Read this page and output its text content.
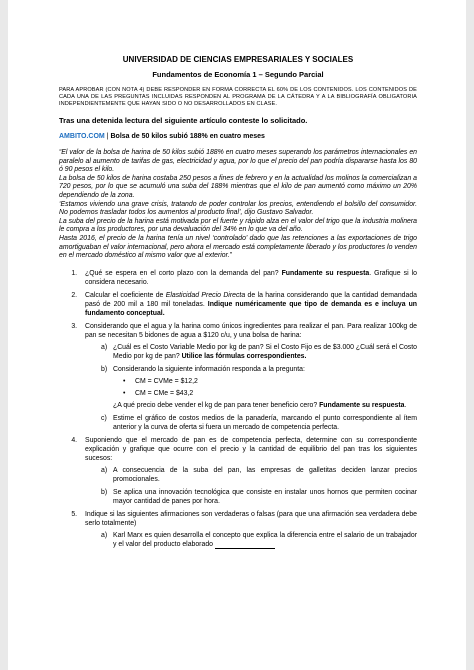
UNIVERSIDAD DE CIENCIAS EMPRESARIALES Y SOCIALES
Fundamentos de Economía 1 – Segundo Parcial
PARA APROBAR (CON NOTA 4) DEBE RESPONDER EN FORMA CORRECTA EL 60% DE LOS CONTENIDOS. LOS CONTENIDOS DE CADA UNA DE LAS PREGUNTAS INCLUIDAS RESPONDEN AL PROGRAMA DE LA CÁTEDRA Y A LA BIBLIOGRAFÍA OBLIGATORIA INDEPENDIENTEMENTE QUE HAYAN SIDO O NO DESARROLLADOS EN CLASE.
Tras una detenida lectura del siguiente artículo conteste lo solicitado.
AMBITO.COM | Bolsa de 50 kilos subió 188% en cuatro meses

“El valor de la bolsa de harina de 50 kilos subió 188% en cuatro meses superando los parámetros internacionales en paralelo al aumento de tarifas de gas, electricidad y agua, por lo que el precio del pan podría dispararse hasta los 80 ó 90 pesos el kilo.

La bolsa de 50 kilos de harina costaba 250 pesos a fines de febrero y en la actualidad los molinos la comercializan a 720 pesos, por lo que se acumuló una suba del 188% mientras que el kilo de pan aumentó como máximo un 20% dependiendo de la zona.

‘Estamos viviendo una grave crisis, tratando de poder controlar los precios, entendiendo el bolsillo del consumidor. No podemos trasladar todos los aumentos al producto final’, dijo Gustavo Salvador.

La suba del precio de la harina está motivada por el fuerte y rápido alza en el valor del trigo que la industria molinera le compra a los productores, por una devaluación del 34% en lo que va del año.

Hasta 2016, el precio de la harina tenía un nivel ‘controlado’ dado que las retenciones a las exportaciones de trigo amortiguaban el valor internacional, pero ahora el mercado está completamente liberado y los productores lo venden en el mercado doméstico al mismo valor que al exterior.”

1. ¿Qué se espera en el corto plazo con la demanda del pan? Fundamente su respuesta. Grafique si lo considera necesario.
2. Calcular el coeficiente de Elasticidad Precio Directa de la harina considerando que la cantidad demandada pasó de 200 mil a 180 mil toneladas. Indique numéricamente que tipo de demanda es e incluya un fundamento conceptual.
3. Considerando que el agua y la harina como únicos ingredientes para realizar el pan. Para realizar 100kg de pan se necesitan 5 bidones de agua a $120 c/u, y una bolsa de harina:
a) ¿Cuál es el Costo Variable Medio por kg de pan? Si el Costo Fijo es de $3.000 ¿Cuál será el Costo Medio por kg de pan? Utilice las fórmulas correspondientes.
b) Considerando la siguiente información responda a la pregunta:
• CM = CVMe = $12,2
• CM = CMe = $43,2
¿A qué precio debe vender el kg de pan para tener beneficio cero? Fundamente su respuesta.
c) Estime el gráfico de costos medios de la panadería, marcando el punto correspondiente al ítem anterior y la curva de oferta si fuera un mercado de competencia perfecta.
4. Suponiendo que el mercado de pan es de competencia perfecta, determine con su correspondiente explicación y grafique que ocurre con el precio y la cantidad de equilibrio del pan tras los siguientes sucesos:
a) A consecuencia de la suba del pan, las empresas de galletitas deciden lanzar precios promocionales.
b) Se aplica una innovación tecnológica que consiste en instalar unos hornos que permiten cocinar mayor cantidad de panes por hora.
5. Indique si las siguientes afirmaciones son verdaderas o falsas (para que una afirmación sea verdadera debe serlo totalmente)
a) Karl Marx es quien desarrolla el concepto que explica la diferencia entre el salario de un trabajador y el valor del producto elaborado
